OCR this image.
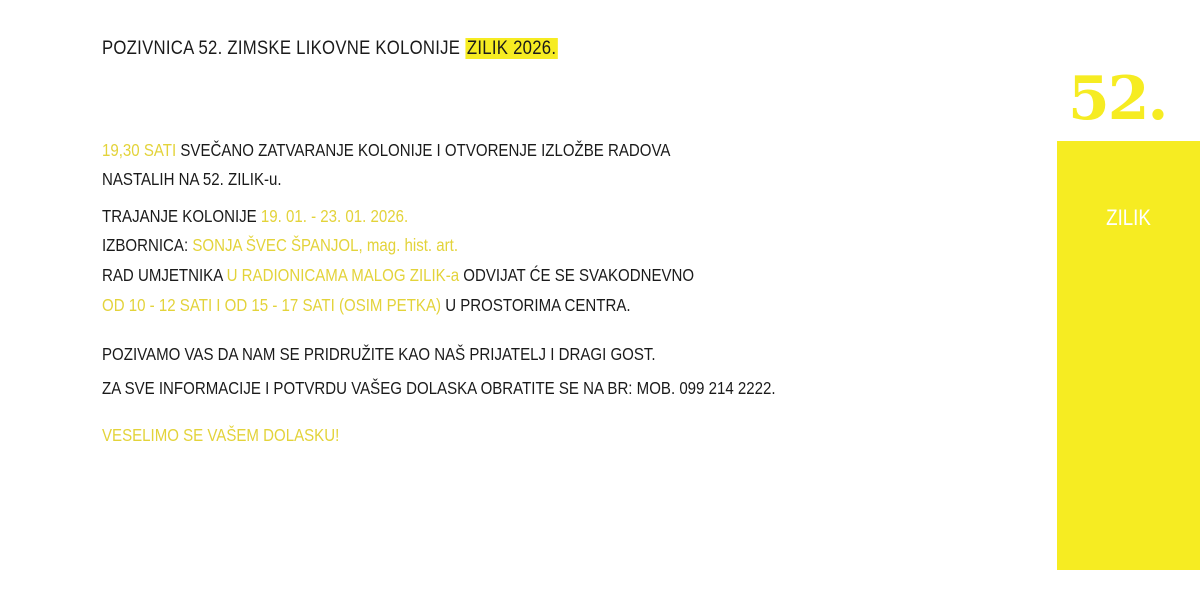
POZIVNICA 52. ZIMSKE LIKOVNE KOLONIJE ZILIK 2026.
19,30 SATI SVEČANO ZATVARANJE KOLONIJE I OTVORENJE IZLOŽBE RADOVA
NASTALIH NA 52. ZILIK-u.
TRAJANJE KOLONIJE 19. 01. - 23. 01. 2026.
IZBORNICA: SONJA ŠVEC ŠPANJOL, mag. hist. art.
RAD UMJETNIKA U RADIONICAMA MALOG ZILIK-a ODVIJAT ĆE SE SVAKODNEVNO
OD 10 - 12 SATI I OD 15 - 17 SATI (OSIM PETKA) U PROSTORIMA CENTRA.
POZIVAMO VAS DA NAM SE PRIDRUŽITE KAO NAŠ PRIJATELJ I DRAGI GOST.
ZA SVE INFORMACIJE I POTVRDU VAŠEG DOLASKA OBRATITE SE NA BR: MOB. 099 214 2222.
VESELIMO SE VAŠEM DOLASKU!
52.
ZILIK
